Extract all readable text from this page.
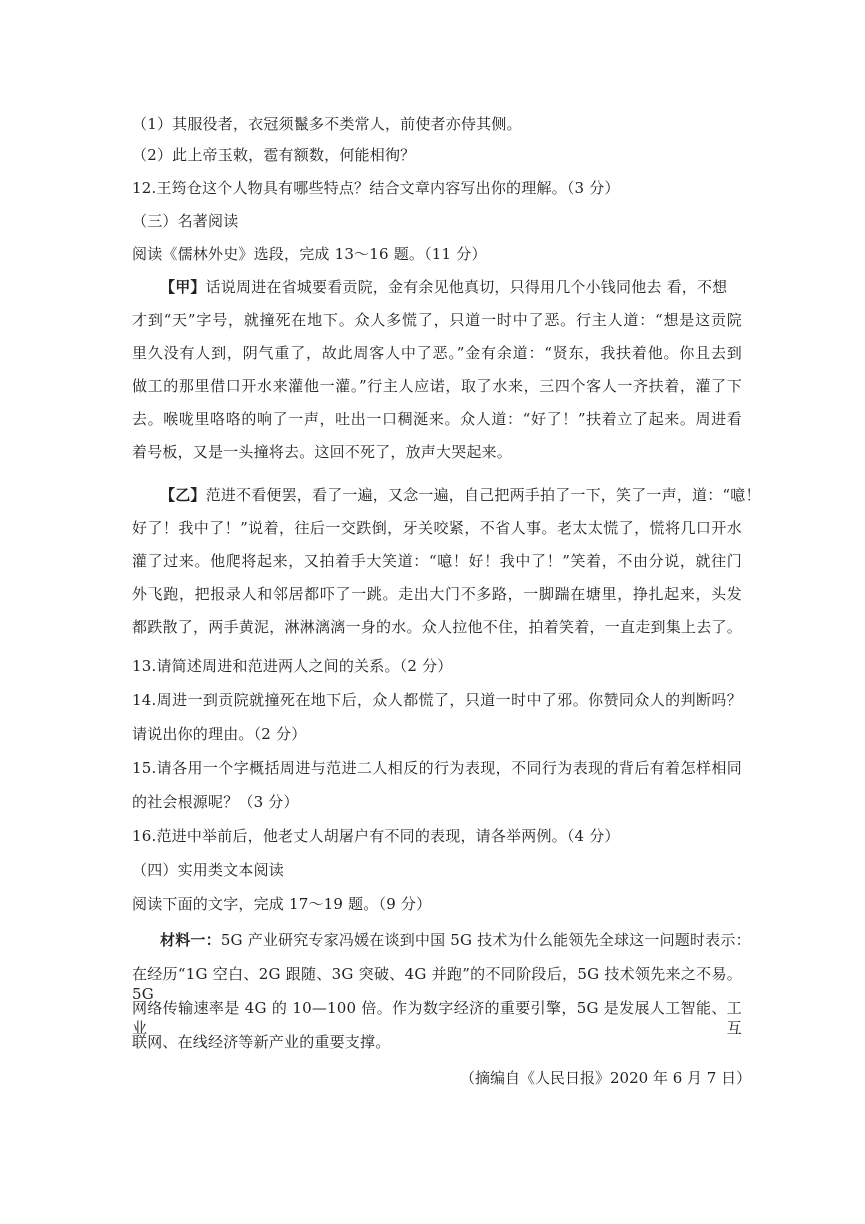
（1）其服役者，衣冠须鬣多不类常人，前使者亦侍其侧。
（2）此上帝玉敕，雹有额数，何能相徇？
12.王筠仓这个人物具有哪些特点？结合文章内容写出你的理解。（3 分）
（三）名著阅读
阅读《儒林外史》选段，完成 13～16 题。（11 分）
【甲】话说周进在省城要看贡院，金有余见他真切，只得用几个小钱同他去 看，不想
才到“天”字号，就撞死在地下。众人多慌了，只道一时中了恶。行主人道：“想是这贡院
里久没有人到，阴气重了，故此周客人中了恶。”金有余道：“贤东，我扶着他。你且去到
做工的那里借口开水来灌他一灌。”行主人应诺，取了水来，三四个客人一齐扶着，灌了下
去。喉咙里咯咯的响了一声，吐出一口稠涎来。众人道：“好了！”扶着立了起来。周进看
着号板，又是一头撞将去。这回不死了，放声大哭起来。
【乙】范进不看便罢，看了一遍，又念一遍，自己把两手拍了一下，笑了一声，道：“噫！
好了！我中了！”说着，往后一交跌倒，牙关咬紧，不省人事。老太太慌了，慌将几口开水
灌了过来。他爬将起来，又拍着手大笑道：“噫！好！我中了！”笑着，不由分说，就往门
外飞跑，把报录人和邻居都吓了一跳。走出大门不多路，一脚踹在塘里，挣扎起来，头发
都跌散了，两手黄泥，淋淋漓漓一身的水。众人拉他不住，拍着笑着，一直走到集上去了。
13.请简述周进和范进两人之间的关系。（2 分）
14.周进一到贡院就撞死在地下后，众人都慌了，只道一时中了邪。你赞同众人的判断吗？
请说出你的理由。（2 分）
15.请各用一个字概括周进与范进二人相反的行为表现，不同行为表现的背后有着怎样相同
的社会根源呢？（3 分）
16.范进中举前后，他老丈人胡屠户有不同的表现，请各举两例。（4 分）
（四）实用类文本阅读
阅读下面的文字，完成 17～19 题。（9 分）
材料一：5G 产业研究专家冯媛在谈到中国 5G 技术为什么能领先全球这一问题时表示：
在经历“1G 空白、2G 跟随、3G 突破、4G 并跑”的不同阶段后，5G 技术领先来之不易。5G
网络传输速率是 4G 的 10—100 倍。作为数字经济的重要引擎，5G 是发展人工智能、工业互
联网、在线经济等新产业的重要支撑。
（摘编自《人民日报》2020 年 6 月 7 日）
